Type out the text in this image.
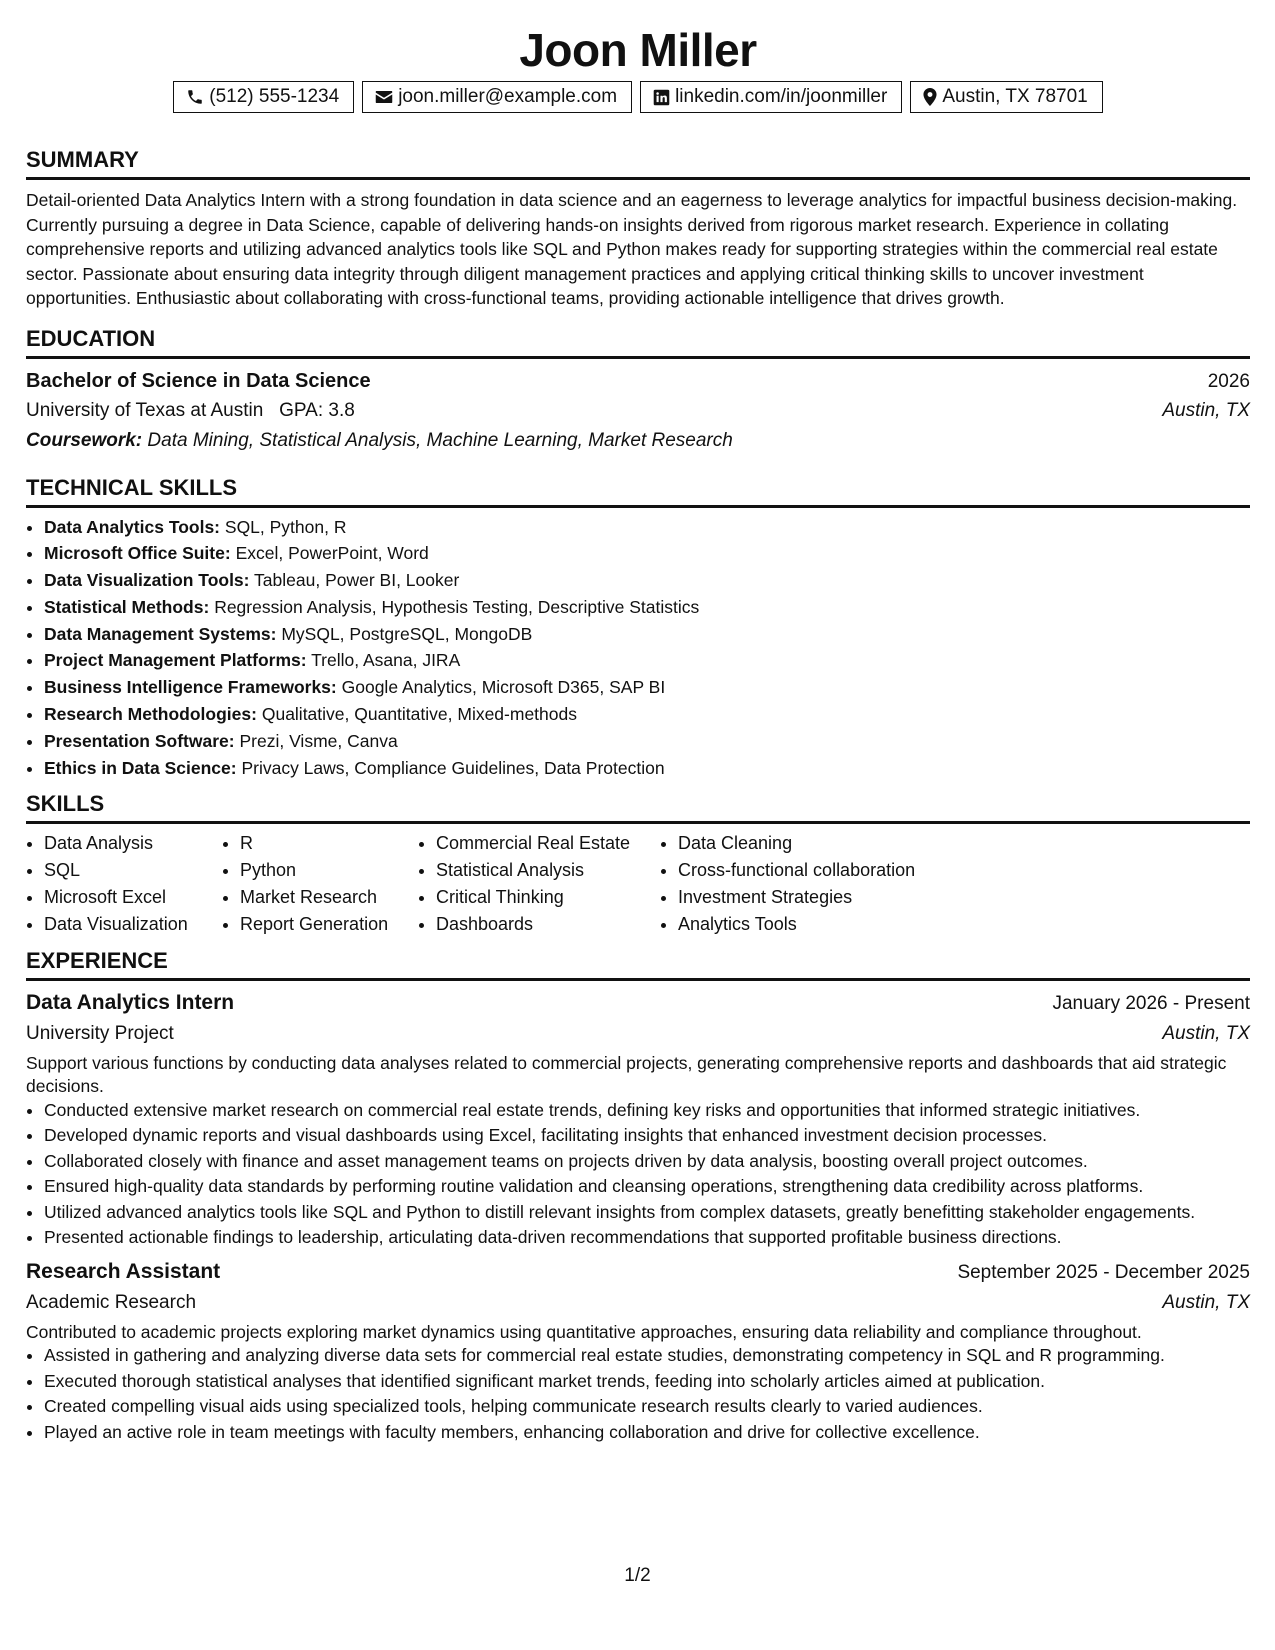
Joon Miller
(512) 555-1234	joon.miller@example.com	linkedin.com/in/joonmiller	Austin, TX 78701
SUMMARY
Detail-oriented Data Analytics Intern with a strong foundation in data science and an eagerness to leverage analytics for impactful business decision-making. Currently pursuing a degree in Data Science, capable of delivering hands-on insights derived from rigorous market research. Experience in collating comprehensive reports and utilizing advanced analytics tools like SQL and Python makes ready for supporting strategies within the commercial real estate sector. Passionate about ensuring data integrity through diligent management practices and applying critical thinking skills to uncover investment opportunities. Enthusiastic about collaborating with cross-functional teams, providing actionable intelligence that drives growth.
EDUCATION
Bachelor of Science in Data Science	2026
University of Texas at Austin GPA: 3.8	Austin, TX
Coursework: Data Mining, Statistical Analysis, Machine Learning, Market Research
TECHNICAL SKILLS
• Data Analytics Tools: SQL, Python, R
• Microsoft Office Suite: Excel, PowerPoint, Word
• Data Visualization Tools: Tableau, Power BI, Looker
• Statistical Methods: Regression Analysis, Hypothesis Testing, Descriptive Statistics
• Data Management Systems: MySQL, PostgreSQL, MongoDB
• Project Management Platforms: Trello, Asana, JIRA
• Business Intelligence Frameworks: Google Analytics, Microsoft D365, SAP BI
• Research Methodologies: Qualitative, Quantitative, Mixed-methods
• Presentation Software: Prezi, Visme, Canva
• Ethics in Data Science: Privacy Laws, Compliance Guidelines, Data Protection
SKILLS
• Data Analysis
• SQL
• Microsoft Excel
• Data Visualization
• R
• Python
• Market Research
• Report Generation
• Commercial Real Estate
• Statistical Analysis
• Critical Thinking
• Dashboards
• Data Cleaning
• Cross-functional collaboration
• Investment Strategies
• Analytics Tools
EXPERIENCE
Data Analytics Intern	January 2026 - Present
University Project	Austin, TX
Support various functions by conducting data analyses related to commercial projects, generating comprehensive reports and dashboards that aid strategic decisions.
• Conducted extensive market research on commercial real estate trends, defining key risks and opportunities that informed strategic initiatives.
• Developed dynamic reports and visual dashboards using Excel, facilitating insights that enhanced investment decision processes.
• Collaborated closely with finance and asset management teams on projects driven by data analysis, boosting overall project outcomes.
• Ensured high-quality data standards by performing routine validation and cleansing operations, strengthening data credibility across platforms.
• Utilized advanced analytics tools like SQL and Python to distill relevant insights from complex datasets, greatly benefitting stakeholder engagements.
• Presented actionable findings to leadership, articulating data-driven recommendations that supported profitable business directions.
Research Assistant	September 2025 - December 2025
Academic Research	Austin, TX
Contributed to academic projects exploring market dynamics using quantitative approaches, ensuring data reliability and compliance throughout.
• Assisted in gathering and analyzing diverse data sets for commercial real estate studies, demonstrating competency in SQL and R programming.
• Executed thorough statistical analyses that identified significant market trends, feeding into scholarly articles aimed at publication.
• Created compelling visual aids using specialized tools, helping communicate research results clearly to varied audiences.
• Played an active role in team meetings with faculty members, enhancing collaboration and drive for collective excellence.
1/2
